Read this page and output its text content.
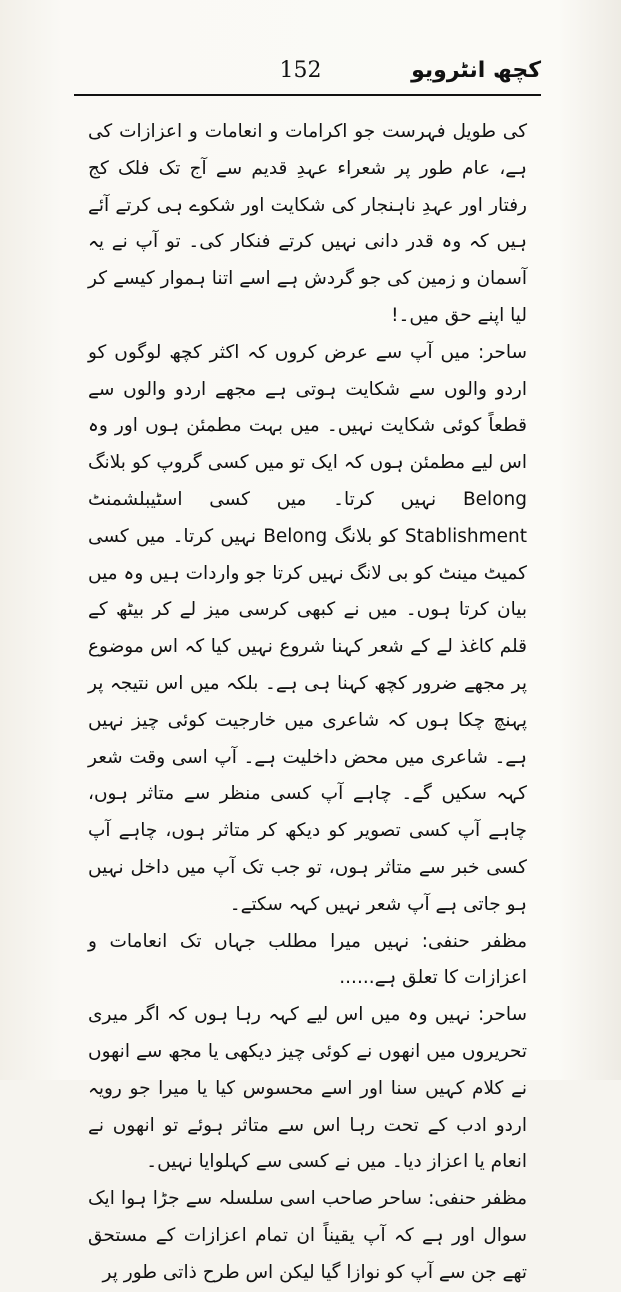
کچھ انٹرویو
152

کی طویل فہرست جو اکرامات و انعامات و اعزازات کی ہے، عام طور پر شعراء عہدِ قدیم سے آج تک فلک کج رفتار اور عہدِ ناہنجار کی شکایت اور شکوے ہی کرتے آئے ہیں کہ وہ قدر دانی نہیں کرتے فنکار کی۔ تو آپ نے یہ آسمان و زمین کی جو گردش ہے اسے اتنا ہموار کیسے کر لیا اپنے حق میں۔!

ساحر: میں آپ سے عرض کروں کہ اکثر کچھ لوگوں کو اردو والوں سے شکایت ہوتی ہے مجھے اردو والوں سے قطعاً کوئی شکایت نہیں۔ میں بہت مطمئن ہوں اور وہ اس لیے مطمئن ہوں کہ ایک تو میں کسی گروپ کو بلانگ Belong نہیں کرتا۔ میں کسی اسٹیبلشمنٹ Stablishment کو بلانگ Belong نہیں کرتا۔ میں کسی کمیٹ مینٹ کو بی لانگ نہیں کرتا جو واردات ہیں وہ میں بیان کرتا ہوں۔ میں نے کبھی کرسی میز لے کر بیٹھ کے قلم کاغذ لے کے شعر کہنا شروع نہیں کیا کہ اس موضوع پر مجھے ضرور کچھ کہنا ہی ہے۔ بلکہ میں اس نتیجہ پر پہنچ چکا ہوں کہ شاعری میں خارجیت کوئی چیز نہیں ہے۔ شاعری میں محض داخلیت ہے۔ آپ اسی وقت شعر کہہ سکیں گے۔ چاہے آپ کسی منظر سے متاثر ہوں، چاہے آپ کسی تصویر کو دیکھ کر متاثر ہوں، چاہے آپ کسی خبر سے متاثر ہوں، تو جب تک آپ میں داخل نہیں ہو جاتی ہے آپ شعر نہیں کہہ سکتے۔

مظفر حنفی: نہیں میرا مطلب جہاں تک انعامات و اعزازات کا تعلق ہے......

ساحر: نہیں وہ میں اس لیے کہہ رہا ہوں کہ اگر میری تحریروں میں انھوں نے کوئی چیز دیکھی یا مجھ سے انھوں نے کلام کہیں سنا اور اسے محسوس کیا یا میرا جو رویہ اردو ادب کے تحت رہا اس سے متاثر ہوئے تو انھوں نے انعام یا اعزاز دیا۔ میں نے کسی سے کہلوایا نہیں۔

مظفر حنفی: ساحر صاحب اسی سلسلہ سے جڑا ہوا ایک سوال اور ہے کہ آپ یقیناً ان تمام اعزازات کے مستحق تھے جن سے آپ کو نوازا گیا لیکن اس طرح ذاتی طور پر
